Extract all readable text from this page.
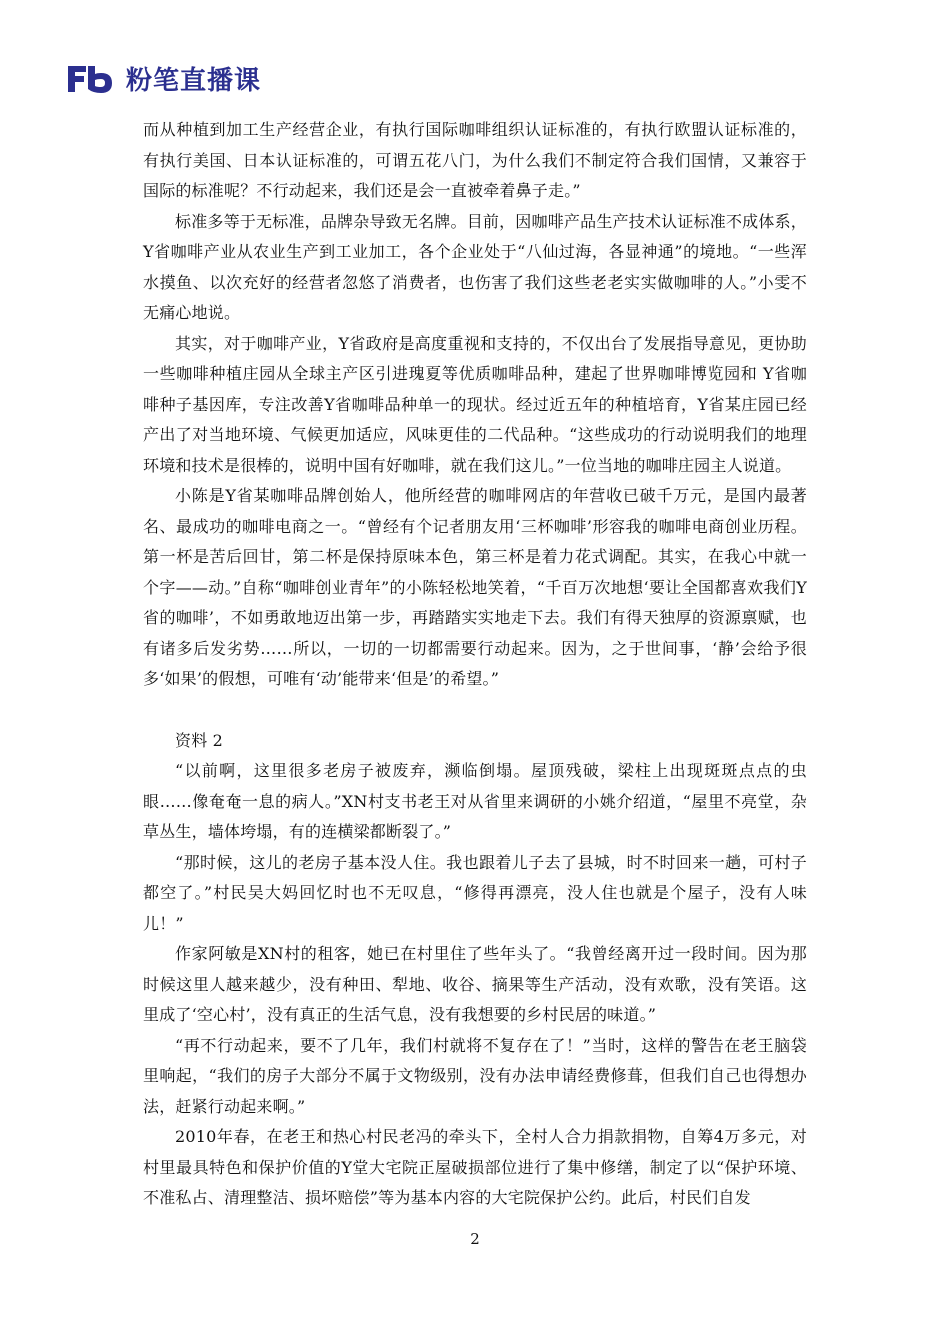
粉笔直播课

而从种植到加工生产经营企业，有执行国际咖啡组织认证标准的，有执行欧盟认证标准的，有执行美国、日本认证标准的，可谓五花八门，为什么我们不制定符合我们国情，又兼容于国际的标准呢？不行动起来，我们还是会一直被牵着鼻子走。”

标准多等于无标准，品牌杂导致无名牌。目前，因咖啡产品生产技术认证标准不成体系，Y省咖啡产业从农业生产到工业加工，各个企业处于“八仙过海，各显神通”的境地。“一些浑水摸鱼、以次充好的经营者忽悠了消费者，也伤害了我们这些老老实实做咖啡的人。”小雯不无痛心地说。

其实，对于咖啡产业，Y省政府是高度重视和支持的，不仅出台了发展指导意见，更协助一些咖啡种植庄园从全球主产区引进瑰夏等优质咖啡品种，建起了世界咖啡博览园和 Y省咖啡种子基因库，专注改善Y省咖啡品种单一的现状。经过近五年的种植培育，Y省某庄园已经产出了对当地环境、气候更加适应，风味更佳的二代品种。“这些成功的行动说明我们的地理环境和技术是很棒的，说明中国有好咖啡，就在我们这儿。”一位当地的咖啡庄园主人说道。

小陈是Y省某咖啡品牌创始人，他所经营的咖啡网店的年营收已破千万元，是国内最著名、最成功的咖啡电商之一。“曾经有个记者朋友用‘三杯咖啡’形容我的咖啡电商创业历程。第一杯是苦后回甘，第二杯是保持原味本色，第三杯是着力花式调配。其实，在我心中就一个字——动。”自称“咖啡创业青年”的小陈轻松地笑着，“千百万次地想‘要让全国都喜欢我们Y省的咖啡’，不如勇敢地迈出第一步，再踏踏实实地走下去。我们有得天独厚的资源禀赋，也有诸多后发劣势……所以，一切的一切都需要行动起来。因为，之于世间事，‘静’会给予很多‘如果’的假想，可唯有‘动’能带来‘但是’的希望。”

资料 2

“以前啊，这里很多老房子被废弃，濒临倒塌。屋顶残破，梁柱上出现斑斑点点的虫眼……像奄奄一息的病人。”XN村支书老王对从省里来调研的小姚介绍道，“屋里不亮堂，杂草丛生，墙体垮塌，有的连横梁都断裂了。”

“那时候，这儿的老房子基本没人住。我也跟着儿子去了县城，时不时回来一趟，可村子都空了。”村民吴大妈回忆时也不无叹息，“修得再漂亮，没人住也就是个屋子，没有人味儿！”

作家阿敏是XN村的租客，她已在村里住了些年头了。“我曾经离开过一段时间。因为那时候这里人越来越少，没有种田、犁地、收谷、摘果等生产活动，没有欢歌，没有笑语。这里成了‘空心村’，没有真正的生活气息，没有我想要的乡村民居的味道。”

“再不行动起来，要不了几年，我们村就将不复存在了！”当时，这样的警告在老王脑袋里响起，“我们的房子大部分不属于文物级别，没有办法申请经费修葺，但我们自己也得想办法，赶紧行动起来啊。”

2010年春，在老王和热心村民老冯的牵头下，全村人合力捐款捐物，自筹4万多元，对村里最具特色和保护价值的Y堂大宅院正屋破损部位进行了集中修缮，制定了以“保护环境、不准私占、清理整洁、损坏赔偿”等为基本内容的大宅院保护公约。此后，村民们自发

2
